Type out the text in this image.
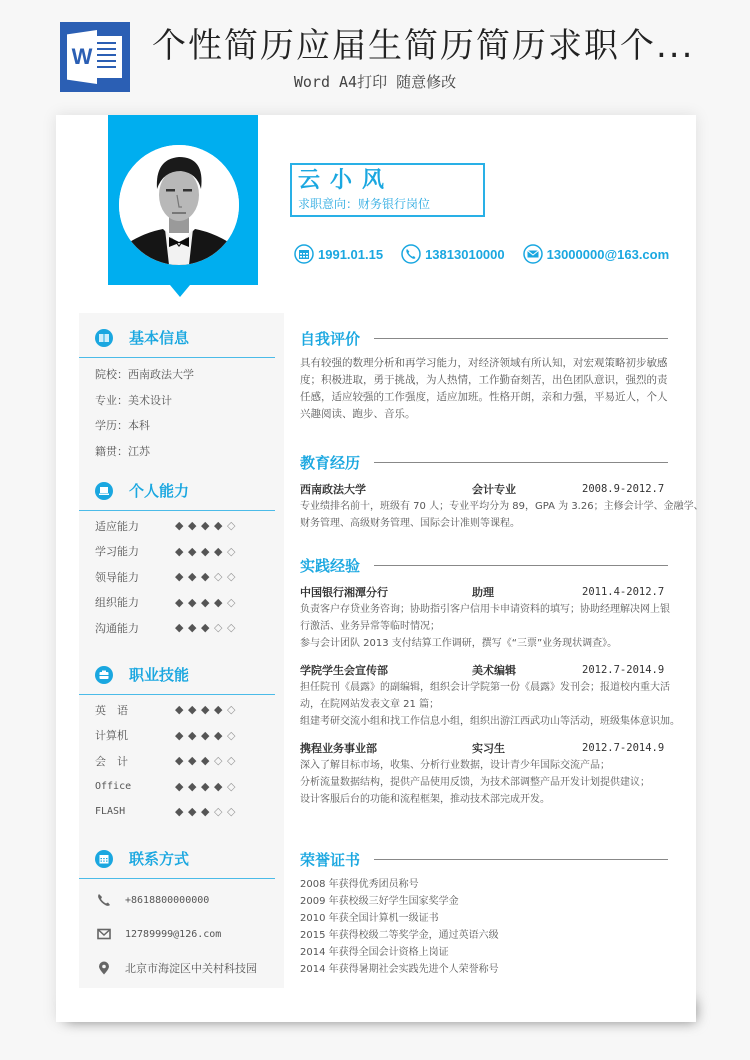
W 个性简历应届生简历简历求职个...
Word A4打印 随意修改
云小风
求职意向：财务银行岗位
1991.01.15	13813010000	13000000@163.com
基本信息
院校：西南政法大学
专业：美术设计
学历：本科
籍贯：江苏
个人能力
适应能力	◆ ◆ ◆ ◆ ◇
学习能力	◆ ◆ ◆ ◆ ◇
领导能力	◆ ◆ ◆ ◇ ◇
组织能力	◆ ◆ ◆ ◆ ◇
沟通能力	◆ ◆ ◆ ◇ ◇
职业技能
英　语	◆ ◆ ◆ ◆ ◇
计算机	◆ ◆ ◆ ◆ ◇
会　计	◆ ◆ ◆ ◇ ◇
Office	◆ ◆ ◆ ◆ ◇
FLASH	◆ ◆ ◆ ◇ ◇
联系方式
+8618800000000
12789999@126.com
北京市海淀区中关村科技园
自我评价
具有较强的数理分析和再学习能力，对经济领域有所认知，对宏观策略初步敏感度；积极进取，勇于挑战，为人热情，工作勤奋刻苦，出色团队意识，强烈的责任感，适应较强的工作强度，适应加班。性格开朗，亲和力强，平易近人，个人兴趣阅读、跑步、音乐。
教育经历
西南政法大学	会计专业	2008.9-2012.7
专业绩排名前十，班级有 70 人；专业平均分为 89，GPA 为 3.26；主修会计学、金融学、
财务管理、高级财务管理、国际会计准则等课程。
实践经验
中国银行湘潭分行	助理	2011.4-2012.7
负责客户存贷业务咨询；协助指引客户信用卡申请资料的填写；协助经理解决网上银
行激活、业务异常等临时情况；
参与会计团队 2013 支付结算工作调研，撰写《“三票”业务现状调查》。
学院学生会宣传部	美术编辑	2012.7-2014.9
担任院刊《晨露》的副编辑，组织会计学院第一份《晨露》发刊会；报道校内重大活
动，在院网站发表文章 21 篇；
组建考研交流小组和找工作信息小组，组织出游江西武功山等活动，班级集体意识加。
携程业务事业部	实习生	2012.7-2014.9
深入了解目标市场，收集、分析行业数据，设计青少年国际交流产品；
分析流量数据结构，提供产品使用反馈，为技术部调整产品开发计划提供建议；
设计客服后台的功能和流程框架，推动技术部完成开发。
荣誉证书
2008 年获得优秀团员称号
2009 年获校级三好学生国家奖学金
2010 年获全国计算机一级证书
2015 年获得校级二等奖学金，通过英语六级
2014 年获得全国会计资格上岗证
2014 年获得暑期社会实践先进个人荣誉称号
